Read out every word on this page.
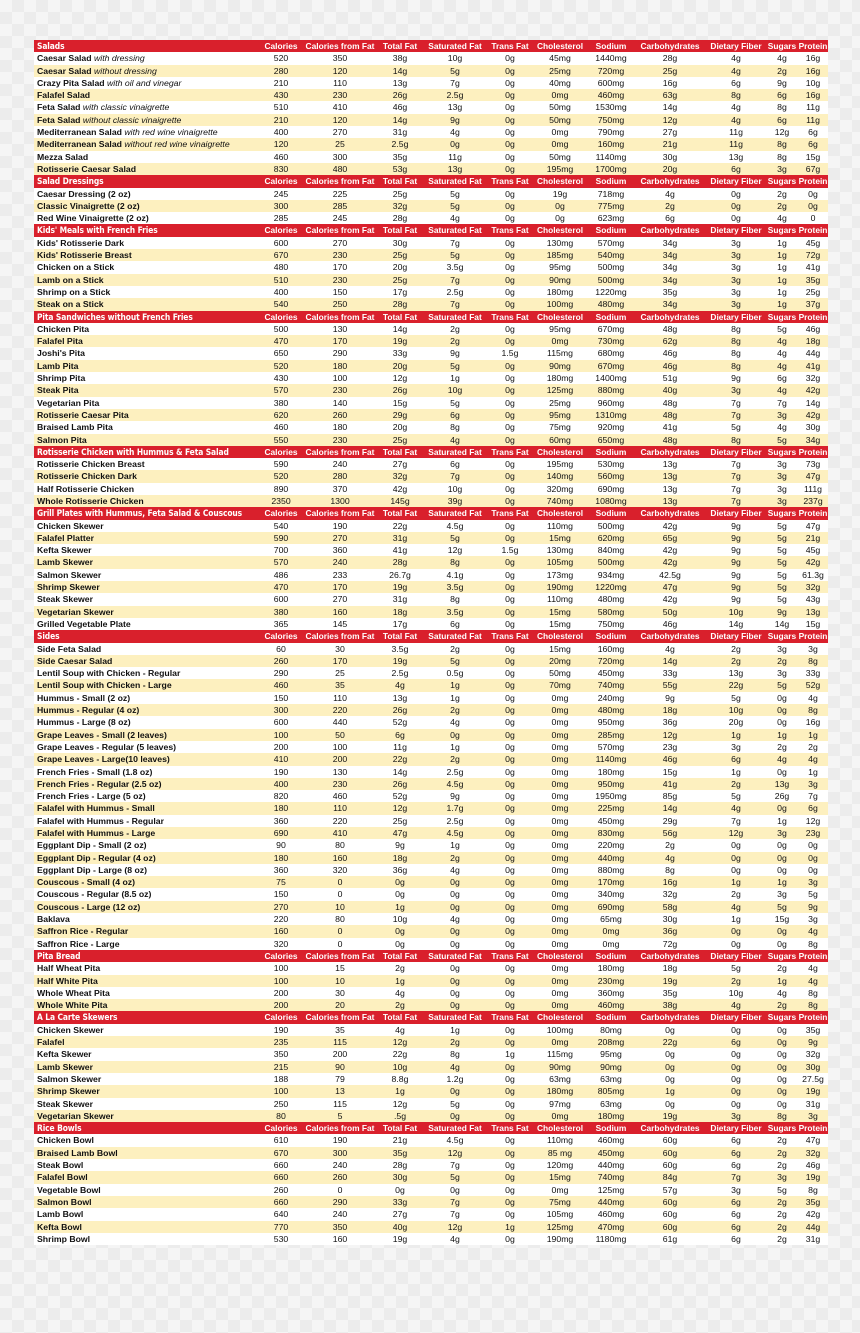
Salads	Calories	Calories from Fat	Total Fat	Saturated Fat	Trans Fat	Cholesterol	Sodium	Carbohydrates	Dietary Fiber	Sugars	Protein
Caesar Salad with dressing	520	350	38g	10g	0g	45mg	1440mg	28g	4g	4g	16g
Caesar Salad without dressing	280	120	14g	5g	0g	25mg	720mg	25g	4g	2g	16g
Crazy Pita Salad with oil and vinegar	210	110	13g	7g	0g	40mg	600mg	16g	6g	9g	10g
Falafel Salad	430	230	26g	2.5g	0g	0mg	460mg	63g	8g	6g	16g
Feta Salad with classic vinaigrette	510	410	46g	13g	0g	50mg	1530mg	14g	4g	8g	11g
Feta Salad without classic vinaigrette	210	120	14g	9g	0g	50mg	750mg	12g	4g	6g	11g
Mediterranean Salad with red wine vinaigrette	400	270	31g	4g	0g	0mg	790mg	27g	11g	12g	6g
Mediterranean Salad without red wine vinaigrette	120	25	2.5g	0g	0g	0mg	160mg	21g	11g	8g	6g
Mezza Salad	460	300	35g	11g	0g	50mg	1140mg	30g	13g	8g	15g
Rotisserie Caesar Salad	830	480	53g	13g	0g	195mg	1700mg	20g	6g	3g	67g
Salad Dressings	Calories	Calories from Fat	Total Fat	Saturated Fat	Trans Fat	Cholesterol	Sodium	Carbohydrates	Dietary Fiber	Sugars	Protein
Caesar Dressing (2 oz)	245	225	25g	5g	0g	19g	718mg	4g	0g	2g	0g
Classic Vinaigrette (2 oz)	300	285	32g	5g	0g	0g	775mg	2g	0g	2g	0g
Red Wine Vinaigrette (2 oz)	285	245	28g	4g	0g	0g	623mg	6g	0g	4g	0
Kids' Meals with French Fries	Calories	Calories from Fat	Total Fat	Saturated Fat	Trans Fat	Cholesterol	Sodium	Carbohydrates	Dietary Fiber	Sugars	Protein
Kids' Rotisserie Dark	600	270	30g	7g	0g	130mg	570mg	34g	3g	1g	45g
Kids' Rotisserie Breast	670	230	25g	5g	0g	185mg	540mg	34g	3g	1g	72g
Chicken on a Stick	480	170	20g	3.5g	0g	95mg	500mg	34g	3g	1g	41g
Lamb on a Stick	510	230	25g	7g	0g	90mg	500mg	34g	3g	1g	35g
Shrimp on a Stick	400	150	17g	2.5g	0g	180mg	1220mg	35g	3g	1g	25g
Steak on a Stick	540	250	28g	7g	0g	100mg	480mg	34g	3g	1g	37g
Pita Sandwiches without French Fries	Calories	Calories from Fat	Total Fat	Saturated Fat	Trans Fat	Cholesterol	Sodium	Carbohydrates	Dietary Fiber	Sugars	Protein
Chicken Pita	500	130	14g	2g	0g	95mg	670mg	48g	8g	5g	46g
Falafel Pita	470	170	19g	2g	0g	0mg	730mg	62g	8g	4g	18g
Joshi's Pita	650	290	33g	9g	1.5g	115mg	680mg	46g	8g	4g	44g
Lamb Pita	520	180	20g	5g	0g	90mg	670mg	46g	8g	4g	41g
Shrimp Pita	430	100	12g	1g	0g	180mg	1400mg	51g	9g	6g	32g
Steak Pita	570	230	26g	10g	0g	125mg	880mg	40g	3g	4g	42g
Vegetarian Pita	380	140	15g	5g	0g	25mg	960mg	48g	7g	7g	14g
Rotisserie Caesar Pita	620	260	29g	6g	0g	95mg	1310mg	48g	7g	3g	42g
Braised Lamb Pita	460	180	20g	8g	0g	75mg	920mg	41g	5g	4g	30g
Salmon Pita	550	230	25g	4g	0g	60mg	650mg	48g	8g	5g	34g
Rotisserie Chicken with Hummus & Feta Salad	Calories	Calories from Fat	Total Fat	Saturated Fat	Trans Fat	Cholesterol	Sodium	Carbohydrates	Dietary Fiber	Sugars	Protein
Rotisserie Chicken Breast	590	240	27g	6g	0g	195mg	530mg	13g	7g	3g	73g
Rotisserie Chicken Dark	520	280	32g	7g	0g	140mg	560mg	13g	7g	3g	47g
Half Rotisserie Chicken	890	370	42g	10g	0g	320mg	690mg	13g	7g	3g	111g
Whole Rotisserie Chicken	2350	1300	145g	39g	0g	740mg	1080mg	13g	7g	3g	237g
Grill Plates with Hummus, Feta Salad & Couscous	Calories	Calories from Fat	Total Fat	Saturated Fat	Trans Fat	Cholesterol	Sodium	Carbohydrates	Dietary Fiber	Sugars	Protein
Chicken Skewer	540	190	22g	4.5g	0g	110mg	500mg	42g	9g	5g	47g
Falafel Platter	590	270	31g	5g	0g	15mg	620mg	65g	9g	5g	21g
Kefta Skewer	700	360	41g	12g	1.5g	130mg	840mg	42g	9g	5g	45g
Lamb Skewer	570	240	28g	8g	0g	105mg	500mg	42g	9g	5g	42g
Salmon Skewer	486	233	26.7g	4.1g	0g	173mg	934mg	42.5g	9g	5g	61.3g
Shrimp Skewer	470	170	19g	3.5g	0g	190mg	1220mg	47g	9g	5g	32g
Steak Skewer	600	270	31g	8g	0g	110mg	480mg	42g	9g	5g	43g
Vegetarian Skewer	380	160	18g	3.5g	0g	15mg	580mg	50g	10g	9g	13g
Grilled Vegetable Plate	365	145	17g	6g	0g	15mg	750mg	46g	14g	14g	15g
Sides	Calories	Calories from Fat	Total Fat	Saturated Fat	Trans Fat	Cholesterol	Sodium	Carbohydrates	Dietary Fiber	Sugars	Protein
Side Feta Salad	60	30	3.5g	2g	0g	15mg	160mg	4g	2g	3g	3g
Side Caesar Salad	260	170	19g	5g	0g	20mg	720mg	14g	2g	2g	8g
Lentil Soup with Chicken - Regular	290	25	2.5g	0.5g	0g	50mg	450mg	33g	13g	3g	33g
Lentil Soup with Chicken - Large	460	35	4g	1g	0g	70mg	740mg	55g	22g	5g	52g
Hummus - Small (2 oz)	150	110	13g	1g	0g	0mg	240mg	9g	5g	0g	4g
Hummus - Regular (4 oz)	300	220	26g	2g	0g	0mg	480mg	18g	10g	0g	8g
Hummus - Large (8 oz)	600	440	52g	4g	0g	0mg	950mg	36g	20g	0g	16g
Grape Leaves - Small (2 leaves)	100	50	6g	0g	0g	0mg	285mg	12g	1g	1g	1g
Grape Leaves - Regular (5 leaves)	200	100	11g	1g	0g	0mg	570mg	23g	3g	2g	2g
Grape Leaves - Large(10 leaves)	410	200	22g	2g	0g	0mg	1140mg	46g	6g	4g	4g
French Fries - Small (1.8 oz)	190	130	14g	2.5g	0g	0mg	180mg	15g	1g	0g	1g
French Fries - Regular (2.5 oz)	400	230	26g	4.5g	0g	0mg	950mg	41g	2g	13g	3g
French Fries - Large (5 oz)	820	460	52g	9g	0g	0mg	1950mg	85g	5g	26g	7g
Falafel with Hummus - Small	180	110	12g	1.7g	0g	0mg	225mg	14g	4g	0g	6g
Falafel with Hummus - Regular	360	220	25g	2.5g	0g	0mg	450mg	29g	7g	1g	12g
Falafel with Hummus - Large	690	410	47g	4.5g	0g	0mg	830mg	56g	12g	3g	23g
Eggplant Dip - Small (2 oz)	90	80	9g	1g	0g	0mg	220mg	2g	0g	0g	0g
Eggplant Dip - Regular (4 oz)	180	160	18g	2g	0g	0mg	440mg	4g	0g	0g	0g
Eggplant Dip - Large (8 oz)	360	320	36g	4g	0g	0mg	880mg	8g	0g	0g	0g
Couscous - Small (4 oz)	75	0	0g	0g	0g	0mg	170mg	16g	1g	1g	3g
Couscous - Regular (8.5 oz)	150	0	0g	0g	0g	0mg	340mg	32g	2g	3g	5g
Couscous - Large (12 oz)	270	10	1g	0g	0g	0mg	690mg	58g	4g	5g	9g
Baklava	220	80	10g	4g	0g	0mg	65mg	30g	1g	15g	3g
Saffron Rice - Regular	160	0	0g	0g	0g	0mg	0mg	36g	0g	0g	4g
Saffron Rice - Large	320	0	0g	0g	0g	0mg	0mg	72g	0g	0g	8g
Pita Bread	Calories	Calories from Fat	Total Fat	Saturated Fat	Trans Fat	Cholesterol	Sodium	Carbohydrates	Dietary Fiber	Sugars	Protein
Half Wheat Pita	100	15	2g	0g	0g	0mg	180mg	18g	5g	2g	4g
Half White Pita	100	10	1g	0g	0g	0mg	230mg	19g	2g	1g	4g
Whole Wheat Pita	200	30	4g	0g	0g	0mg	360mg	35g	10g	4g	8g
Whole White Pita	200	20	2g	0g	0g	0mg	460mg	38g	4g	2g	8g
A La Carte Skewers	Calories	Calories from Fat	Total Fat	Saturated Fat	Trans Fat	Cholesterol	Sodium	Carbohydrates	Dietary Fiber	Sugars	Protein
Chicken Skewer	190	35	4g	1g	0g	100mg	80mg	0g	0g	0g	35g
Falafel	235	115	12g	2g	0g	0mg	208mg	22g	6g	0g	9g
Kefta Skewer	350	200	22g	8g	1g	115mg	95mg	0g	0g	0g	32g
Lamb Skewer	215	90	10g	4g	0g	90mg	90mg	0g	0g	0g	30g
Salmon Skewer	188	79	8.8g	1.2g	0g	63mg	63mg	0g	0g	0g	27.5g
Shrimp Skewer	100	13	1g	0g	0g	180mg	805mg	1g	0g	0g	19g
Steak Skewer	250	115	12g	5g	0g	97mg	63mg	0g	0g	0g	31g
Vegetarian Skewer	80	5	.5g	0g	0g	0mg	180mg	19g	3g	8g	3g
Rice Bowls	Calories	Calories from Fat	Total Fat	Saturated Fat	Trans Fat	Cholesterol	Sodium	Carbohydrates	Dietary Fiber	Sugars	Protein
Chicken Bowl	610	190	21g	4.5g	0g	110mg	460mg	60g	6g	2g	47g
Braised Lamb Bowl	670	300	35g	12g	0g	85 mg	450mg	60g	6g	2g	32g
Steak Bowl	660	240	28g	7g	0g	120mg	440mg	60g	6g	2g	46g
Falafel Bowl	660	260	30g	5g	0g	15mg	740mg	84g	7g	3g	19g
Vegetable Bowl	260	0	0g	0g	0g	0mg	125mg	57g	3g	5g	8g
Salmon Bowl	660	290	33g	7g	0g	75mg	440mg	60g	6g	2g	35g
Lamb Bowl	640	240	27g	7g	0g	105mg	460mg	60g	6g	2g	42g
Kefta Bowl	770	350	40g	12g	1g	125mg	470mg	60g	6g	2g	44g
Shrimp Bowl	530	160	19g	4g	0g	190mg	1180mg	61g	6g	2g	31g
